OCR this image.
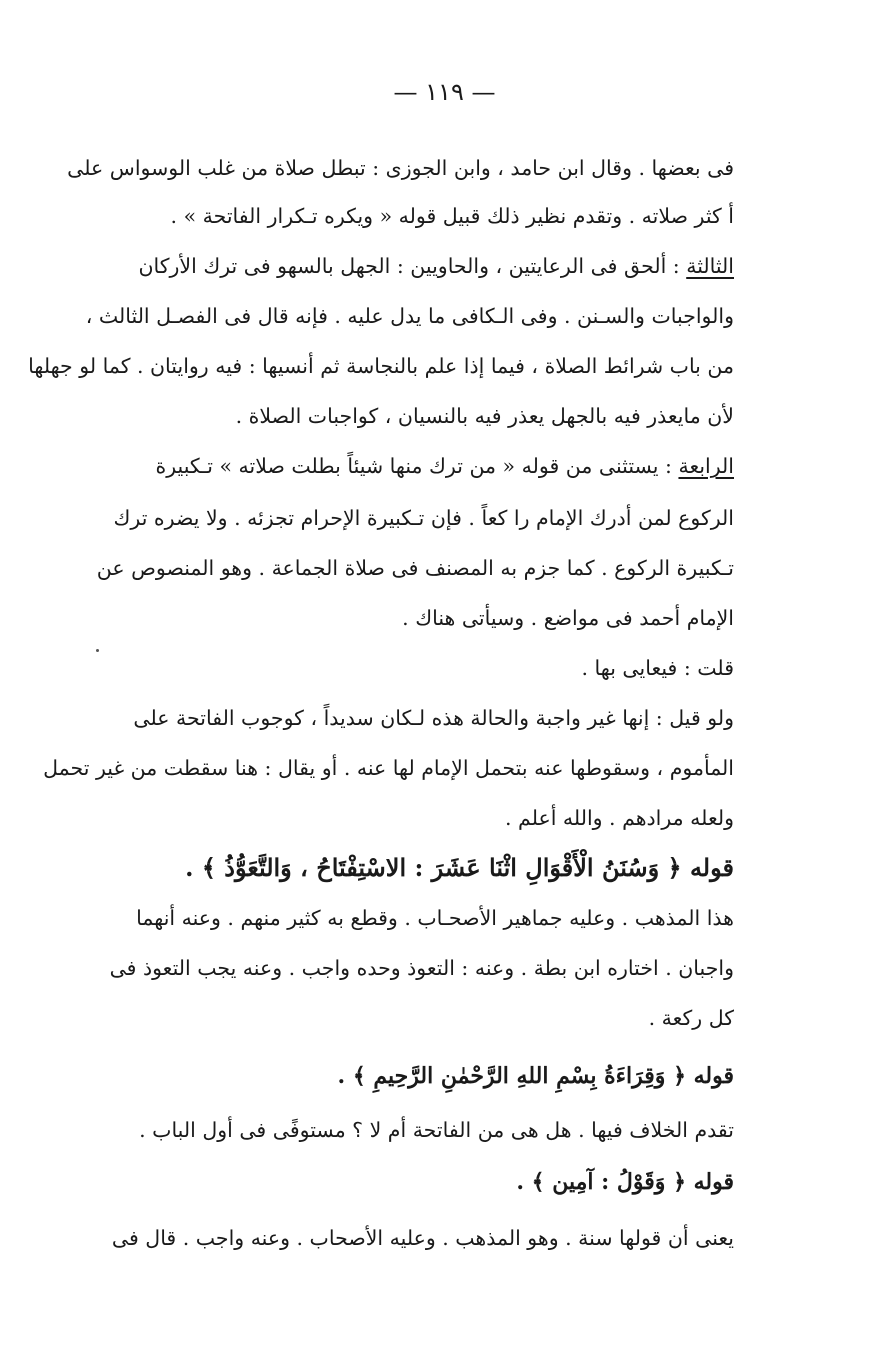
— ١١٩ —
فى بعضها . وقال ابن حامد ، وابن الجوزى : تبطل صلاة من غلب الوسواس على
أ كثر صلاته . وتقدم نظير ذلك قبيل قوله « ويكره تـكرار الفاتحة » .
الثالثة : ألحق فى الرعايتين ، والحاويين : الجهل بالسهو فى ترك الأركان
والواجبات والسـنن . وفى الـكافى ما يدل عليه . فإنه قال فى الفصـل الثالث ،
من باب شرائط الصلاة ، فيما إذا علم بالنجاسة ثم أنسيها : فيه روايتان . كما لو جهلها
لأن مايعذر فيه بالجهل يعذر فيه بالنسيان ، كواجبات الصلاة .
الرابعة : يستثنى من قوله « من ترك منها شيئاً بطلت صلاته » تـكبيرة
الركوع لمن أدرك الإمام را كعاً . فإن تـكبيرة الإحرام تجزئه . ولا يضره ترك
تـكبيرة الركوع . كما جزم به المصنف فى صلاة الجماعة . وهو المنصوص عن
الإمام أحمد فى مواضع . وسيأتى هناك .
قلت : فيعايى بها .
ولو قيل : إنها غير واجبة والحالة هذه لـكان سديداً ، كوجوب الفاتحة على
المأموم ، وسقوطها عنه بتحمل الإمام لها عنه . أو يقال : هنا سقطت من غير تحمل
ولعله مرادهم . والله أعلم .
قوله ﴿ وَسُنَنُ الْأَقْوَالِ اثْنَا عَشَرَ : الاسْتِفْتَاحُ ، وَالتَّعَوُّذُ ﴾ .
هذا المذهب . وعليه جماهير الأصحـاب . وقطع به كثير منهم . وعنه أنهما
واجبان . اختاره ابن بطة . وعنه : التعوذ وحده واجب . وعنه يجب التعوذ فى
كل ركعة .
قوله ﴿ وَقِرَاءَةُ بِسْمِ اللهِ الرَّحْمٰنِ الرَّحِيمِ ﴾ .
تقدم الخلاف فيها . هل هى من الفاتحة أم لا ؟ مستوفًى فى أول الباب .
قوله ﴿ وَقَوْلُ : آمِين ﴾ .
يعنى أن قولها سنة . وهو المذهب . وعليه الأصحاب . وعنه واجب . قال فى
